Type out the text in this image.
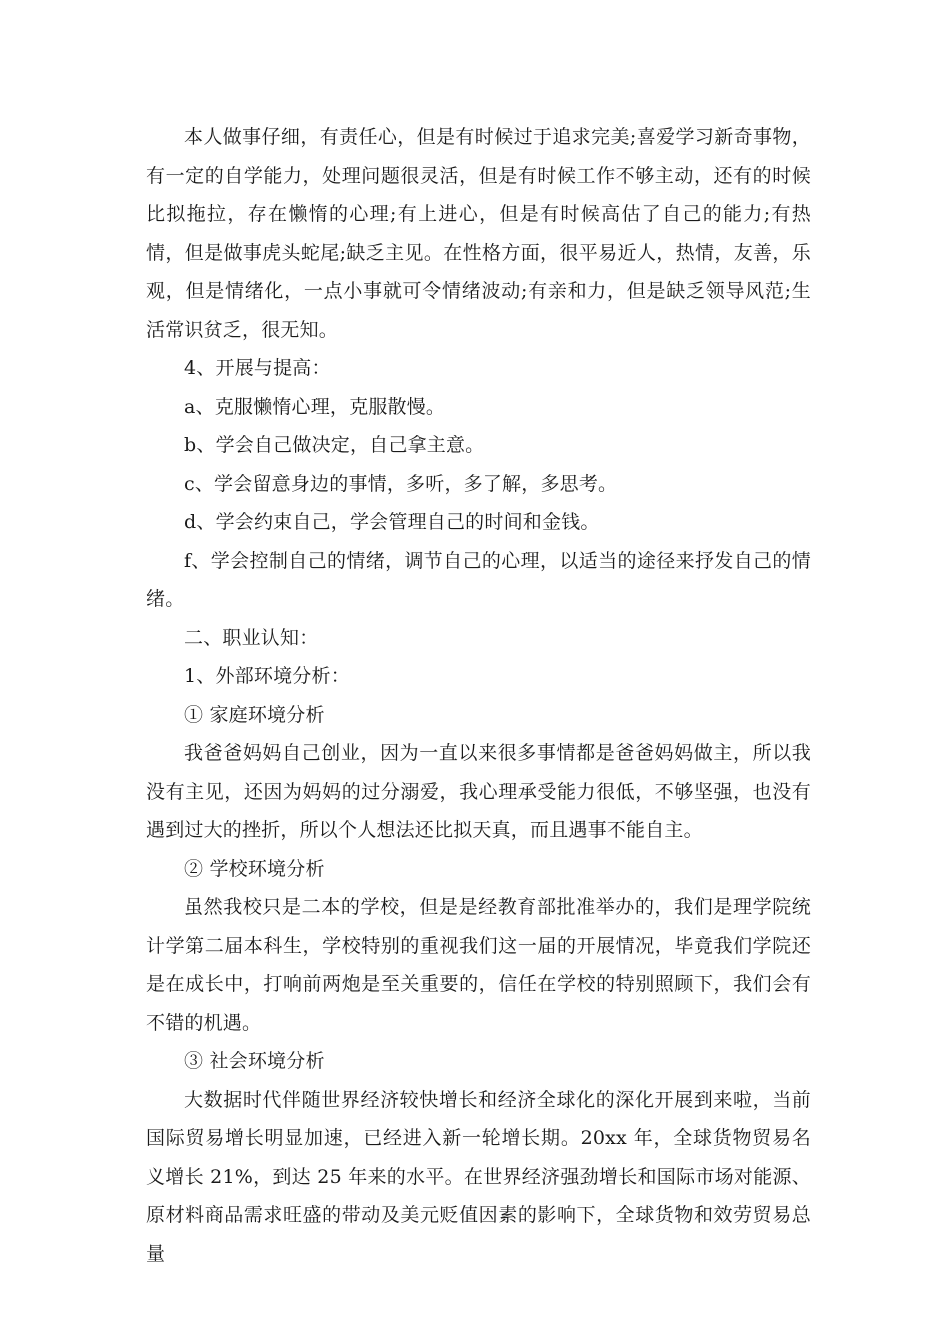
本人做事仔细，有责任心，但是有时候过于追求完美;喜爱学习新奇事物，有一定的自学能力，处理问题很灵活，但是有时候工作不够主动，还有的时候比拟拖拉，存在懒惰的心理;有上进心，但是有时候高估了自己的能力;有热情，但是做事虎头蛇尾;缺乏主见。在性格方面，很平易近人，热情，友善，乐观，但是情绪化，一点小事就可令情绪波动;有亲和力，但是缺乏领导风范;生活常识贫乏，很无知。

4、开展与提高：

a、克服懒惰心理，克服散慢。

b、学会自己做决定，自己拿主意。

c、学会留意身边的事情，多听，多了解，多思考。

d、学会约束自己，学会管理自己的时间和金钱。

f、学会控制自己的情绪，调节自己的心理，以适当的途径来抒发自己的情绪。

二、职业认知：

1、外部环境分析：

① 家庭环境分析

我爸爸妈妈自己创业，因为一直以来很多事情都是爸爸妈妈做主，所以我没有主见，还因为妈妈的过分溺爱，我心理承受能力很低，不够坚强，也没有遇到过大的挫折，所以个人想法还比拟天真，而且遇事不能自主。

② 学校环境分析

虽然我校只是二本的学校，但是是经教育部批准举办的，我们是理学院统计学第二届本科生，学校特别的重视我们这一届的开展情况，毕竟我们学院还是在成长中，打响前两炮是至关重要的，信任在学校的特别照顾下，我们会有不错的机遇。

③ 社会环境分析

大数据时代伴随世界经济较快增长和经济全球化的深化开展到来啦，当前国际贸易增长明显加速，已经进入新一轮增长期。20xx 年，全球货物贸易名义增长 21%，到达 25 年来的水平。在世界经济强劲增长和国际市场对能源、原材料商品需求旺盛的带动及美元贬值因素的影响下，全球货物和效劳贸易总量
